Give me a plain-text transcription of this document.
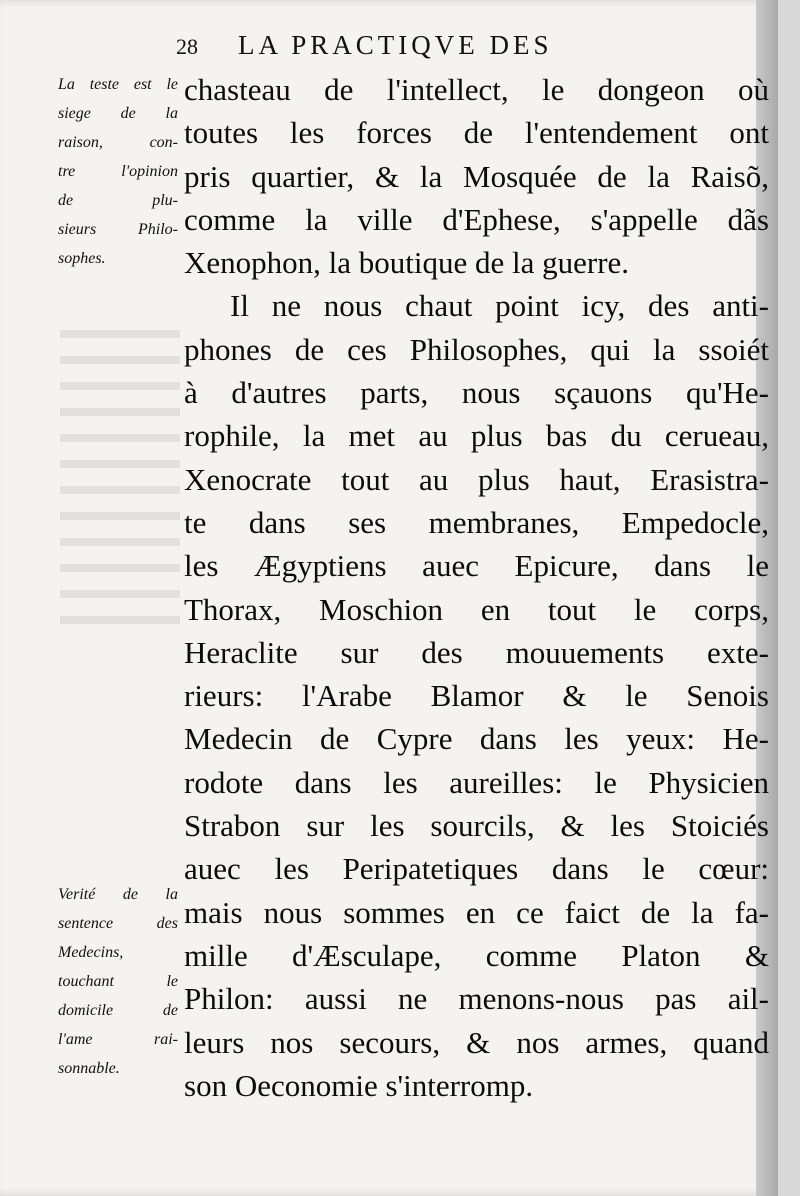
28 LA PRACTIQVE DES
La teste est le
siege de la
raison, con-
tre l'opinion
de plu-
sieurs Philo-
sophes.
Verité de la
sentence des
Medecins,
touchant le
domicile de
l'ame rai-
sonnable.
chasteau de l'intellect, le dongeon où
toutes les forces de l'entendement ont
pris quartier, & la Mosquée de la Raisõ,
comme la ville d'Ephese, s'appelle dãs
Xenophon, la boutique de la guerre.
Il ne nous chaut point icy, des anti-
phones de ces Philosophes, qui la ssoiét
à d'autres parts, nous sçauons qu'He-
rophile, la met au plus bas du cerueau,
Xenocrate tout au plus haut, Erasistra-
te dans ses membranes, Empedocle,
les Ægyptiens auec Epicure, dans le
Thorax, Moschion en tout le corps,
Heraclite sur des mouuements exte-
rieurs: l'Arabe Blamor & le Senois
Medecin de Cypre dans les yeux: He-
rodote dans les aureilles: le Physicien
Strabon sur les sourcils, & les Stoiciés
auec les Peripatetiques dans le cœur:
mais nous sommes en ce faict de la fa-
mille d'Æsculape, comme Platon &
Philon: aussi ne menons-nous pas ail-
leurs nos secours, & nos armes, quand
son Oeconomie s'interromp.
